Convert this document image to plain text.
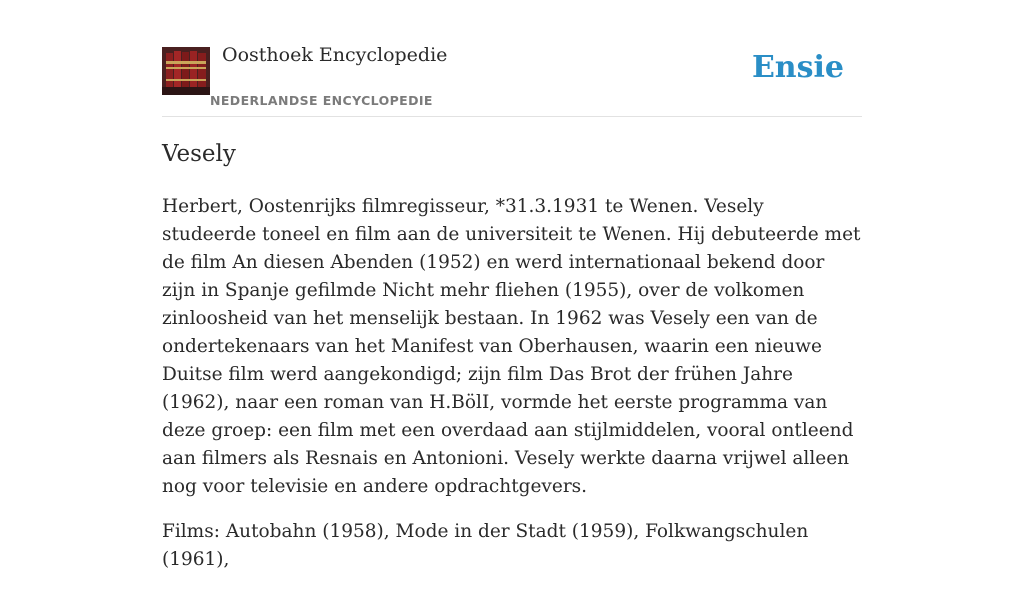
Oosthoek Encyclopedie
NEDERLANDSE ENCYCLOPEDIE
Ensie
Vesely

Herbert, Oostenrijks filmregisseur, *31.3.1931 te Wenen. Vesely studeerde toneel en film aan de universiteit te Wenen. Hij debuteerde met de film An diesen Abenden (1952) en werd internationaal bekend door zijn in Spanje gefilmde Nicht mehr fliehen (1955), over de volkomen zinloosheid van het menselijk bestaan. In 1962 was Vesely een van de ondertekenaars van het Manifest van Oberhausen, waarin een nieuwe Duitse film werd aangekondigd; zijn film Das Brot der frühen Jahre (1962), naar een roman van H.BölI, vormde het eerste programma van deze groep: een film met een overdaad aan stijlmiddelen, vooral ontleend aan filmers als Resnais en Antonioni. Vesely werkte daarna vrijwel alleen nog voor televisie en andere opdrachtgevers.

Films: Autobahn (1958), Mode in der Stadt (1959), Folkwangschulen (1961),
